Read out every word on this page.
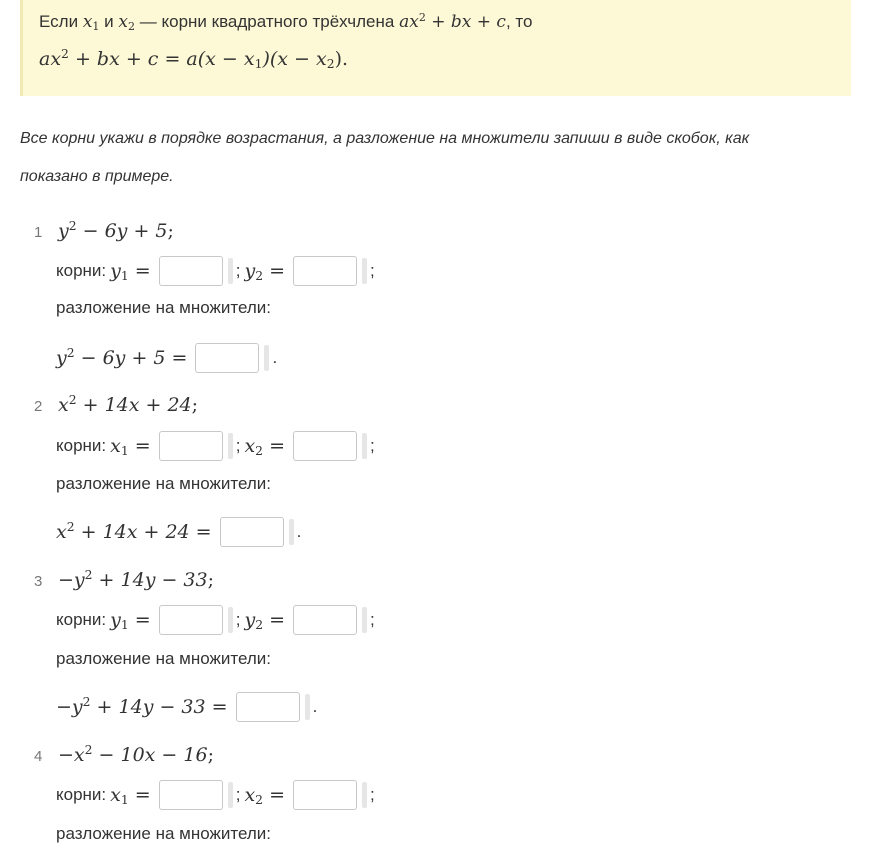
Если $x_1$ и $x_2$ — корни квадратного трёхчлена $ax^2$ + bx + c, то
$ax^2$ + bx + $c = a(x - x_1)(x - x_2)$.
Все корни укажи в порядке возрастания, а разложение на множители запиши в виде скобок, как
показано в примере.
1 $y^2 - 6y + 5$;
корни: $y_1$ =	; $y_2$ =	;
разложение на множители:
$y^2 - 6y + 5$ =	.
2 $x^2 + 14x + 24$;
корни: $x_1$ =	; $x_2$ =	;
разложение на множители:
$x^2 + 14x + 24$ =	.
$3 -y^2 + 14y - 33$;
корни: $y_1$ =	; $y_2$ =	;
разложение на множители:
$-y^2 + 14y - 33$ =	.
$4 -x^2 - 10x - 16$;
корни: $x_1$ =	; $x_2$ =	;
разложение на множители:
